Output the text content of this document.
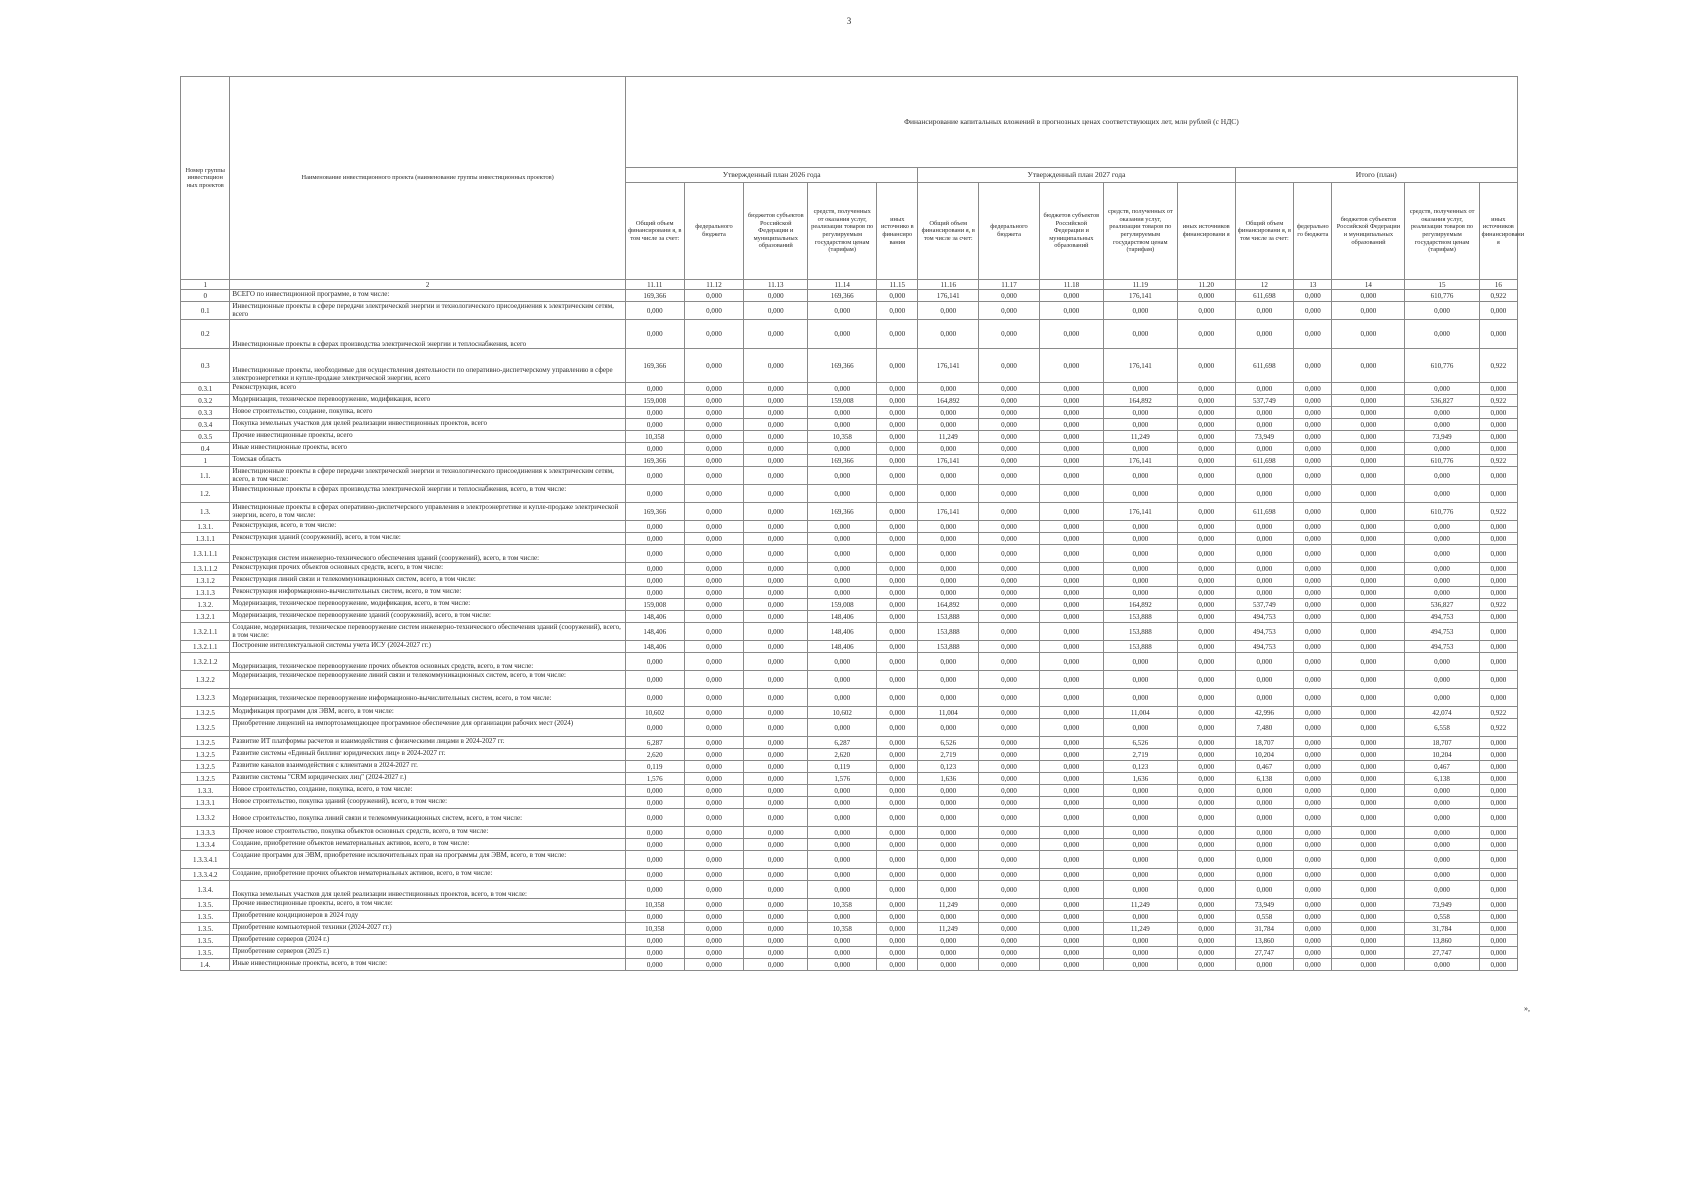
3
Номер группы инвестицион ных проектов	Наименование инвестиционного проекта (наименование группы инвестиционных проектов)	Финансирование капитальных вложений в прогнозных ценах соответствующих лет, млн рублей (с НДС)														
		Утвержденный план 2026 года					Утвержденный план 2027 года					Итого (план)				
		Общий объем финансировани я, в том числе за счет:	федерального бюджета	бюджетов субъектов Российской Федерации и муниципальных образований	средств, полученных от оказания услуг, реализации товаров по регулируемым государством ценам (тарифам)	иных источнико в финансиро вания	Общий объем финансировани я, в том числе за счет:	федерального бюджета	бюджетов субъектов Российской Федерации и муниципальных образований	средств, полученных от оказания услуг, реализации товаров по регулируемым государством ценам (тарифам)	иных источников финансировани я	Общий объем финансировани я, в том числе за счет:	федерально го бюджета	бюджетов субъектов Российской Федерации и муниципальных образований	средств, полученных от оказания услуг, реализации товаров по регулируемым государством ценам (тарифам)	иных источников финансировани я
1	2	11.11	11.12	11.13	11.14	11.15	11.16	11.17	11.18	11.19	11.20	12	13	14	15	16
0	ВСЕГО по инвестиционной программе, в том числе:	169,366	0,000	0,000	169,366	0,000	176,141	0,000	0,000	176,141	0,000	611,698	0,000	0,000	610,776	0,922
0.1	Инвестиционные проекты в сфере передачи электрической энергии и технологического присоединения к электрическим сетям, всего	0,000	0,000	0,000	0,000	0,000	0,000	0,000	0,000	0,000	0,000	0,000	0,000	0,000	0,000	0,000
0.2	Инвестиционные проекты в сферах производства электрической энергии и теплоснабжения, всего	0,000	0,000	0,000	0,000	0,000	0,000	0,000	0,000	0,000	0,000	0,000	0,000	0,000	0,000	0,000
0.3	Инвестиционные проекты, необходимые для осуществления деятельности по оперативно-диспетчерскому управлению в сфере электроэнергетики и купле-продаже электрической энергии, всего	169,366	0,000	0,000	169,366	0,000	176,141	0,000	0,000	176,141	0,000	611,698	0,000	0,000	610,776	0,922
0.3.1	Реконструкция, всего	0,000	0,000	0,000	0,000	0,000	0,000	0,000	0,000	0,000	0,000	0,000	0,000	0,000	0,000	0,000
0.3.2	Модернизация, техническое перевооружение, модификация, всего	159,008	0,000	0,000	159,008	0,000	164,892	0,000	0,000	164,892	0,000	537,749	0,000	0,000	536,827	0,922
0.3.3	Новое строительство, создание, покупка, всего	0,000	0,000	0,000	0,000	0,000	0,000	0,000	0,000	0,000	0,000	0,000	0,000	0,000	0,000	0,000
0.3.4	Покупка земельных участков для целей реализации инвестиционных проектов, всего	0,000	0,000	0,000	0,000	0,000	0,000	0,000	0,000	0,000	0,000	0,000	0,000	0,000	0,000	0,000
0.3.5	Прочие инвестиционные проекты, всего	10,358	0,000	0,000	10,358	0,000	11,249	0,000	0,000	11,249	0,000	73,949	0,000	0,000	73,949	0,000
0.4	Иные инвестиционные проекты, всего	0,000	0,000	0,000	0,000	0,000	0,000	0,000	0,000	0,000	0,000	0,000	0,000	0,000	0,000	0,000
1	Томская область	169,366	0,000	0,000	169,366	0,000	176,141	0,000	0,000	176,141	0,000	611,698	0,000	0,000	610,776	0,922
1.1.	Инвестиционные проекты в сфере передачи электрической энергии и технологического присоединения к электрическим сетям, всего, в том числе:	0,000	0,000	0,000	0,000	0,000	0,000	0,000	0,000	0,000	0,000	0,000	0,000	0,000	0,000	0,000
1.2.	Инвестиционные проекты в сферах производства электрической энергии и теплоснабжения, всего, в том числе:	0,000	0,000	0,000	0,000	0,000	0,000	0,000	0,000	0,000	0,000	0,000	0,000	0,000	0,000	0,000
1.3.	Инвестиционные проекты в сферах оперативно-диспетчерского управления в электроэнергетике и купле-продаже электрической энергии, всего, в том числе:	169,366	0,000	0,000	169,366	0,000	176,141	0,000	0,000	176,141	0,000	611,698	0,000	0,000	610,776	0,922
1.3.1.	Реконструкция, всего, в том числе:	0,000	0,000	0,000	0,000	0,000	0,000	0,000	0,000	0,000	0,000	0,000	0,000	0,000	0,000	0,000
1.3.1.1	Реконструкция зданий (сооружений), всего, в том числе:	0,000	0,000	0,000	0,000	0,000	0,000	0,000	0,000	0,000	0,000	0,000	0,000	0,000	0,000	0,000
1.3.1.1.1	Реконструкция систем инженерно-технического обеспечения зданий (сооружений), всего, в том числе:	0,000	0,000	0,000	0,000	0,000	0,000	0,000	0,000	0,000	0,000	0,000	0,000	0,000	0,000	0,000
1.3.1.1.2	Реконструкция прочих объектов основных средств, всего, в том числе:	0,000	0,000	0,000	0,000	0,000	0,000	0,000	0,000	0,000	0,000	0,000	0,000	0,000	0,000	0,000
1.3.1.2	Реконструкция линий связи и телекоммуникационных систем, всего, в том числе:	0,000	0,000	0,000	0,000	0,000	0,000	0,000	0,000	0,000	0,000	0,000	0,000	0,000	0,000	0,000
1.3.1.3	Реконструкция информационно-вычислительных систем, всего, в том числе:	0,000	0,000	0,000	0,000	0,000	0,000	0,000	0,000	0,000	0,000	0,000	0,000	0,000	0,000	0,000
1.3.2.	Модернизация, техническое перевооружение, модификация, всего, в том числе:	159,008	0,000	0,000	159,008	0,000	164,892	0,000	0,000	164,892	0,000	537,749	0,000	0,000	536,827	0,922
1.3.2.1	Модернизация, техническое перевооружение зданий (сооружений), всего, в том числе:	148,406	0,000	0,000	148,406	0,000	153,888	0,000	0,000	153,888	0,000	494,753	0,000	0,000	494,753	0,000
1.3.2.1.1	Создание, модернизация, техническое перевооружение систем инженерно-технического обеспечения зданий (сооружений), всего, в том числе:	148,406	0,000	0,000	148,406	0,000	153,888	0,000	0,000	153,888	0,000	494,753	0,000	0,000	494,753	0,000
1.3.2.1.1	Построение интеллектуальной системы учета ИСУ (2024-2027 гг.)	148,406	0,000	0,000	148,406	0,000	153,888	0,000	0,000	153,888	0,000	494,753	0,000	0,000	494,753	0,000
1.3.2.1.2	Модернизация, техническое перевооружение прочих объектов основных средств, всего, в том числе:	0,000	0,000	0,000	0,000	0,000	0,000	0,000	0,000	0,000	0,000	0,000	0,000	0,000	0,000	0,000
1.3.2.2	Модернизация, техническое перевооружение линий связи и телекоммуникационных систем, всего, в том числе:	0,000	0,000	0,000	0,000	0,000	0,000	0,000	0,000	0,000	0,000	0,000	0,000	0,000	0,000	0,000
1.3.2.3	Модернизация, техническое перевооружение информационно-вычислительных систем, всего, в том числе:	0,000	0,000	0,000	0,000	0,000	0,000	0,000	0,000	0,000	0,000	0,000	0,000	0,000	0,000	0,000
1.3.2.5	Модификация программ для ЭВМ, всего, в том числе:	10,602	0,000	0,000	10,602	0,000	11,004	0,000	0,000	11,004	0,000	42,996	0,000	0,000	42,074	0,922
1.3.2.5	Приобретение лицензий на импортозамещающее программное обеспечение для организации рабочих мест (2024)	0,000	0,000	0,000	0,000	0,000	0,000	0,000	0,000	0,000	0,000	7,480	0,000	0,000	6,558	0,922
1.3.2.5	Развитие ИТ платформы расчетов и взаимодействия с физическими лицами в 2024-2027 гг.	6,287	0,000	0,000	6,287	0,000	6,526	0,000	0,000	6,526	0,000	18,707	0,000	0,000	18,707	0,000
1.3.2.5	Развитие системы «Единый биллинг юридических лиц» в 2024-2027 гг.	2,620	0,000	0,000	2,620	0,000	2,719	0,000	0,000	2,719	0,000	10,204	0,000	0,000	10,204	0,000
1.3.2.5	Развитие каналов взаимодействия с клиентами в 2024-2027 гг.	0,119	0,000	0,000	0,119	0,000	0,123	0,000	0,000	0,123	0,000	0,467	0,000	0,000	0,467	0,000
1.3.2.5	Развитие системы "CRM юридических лиц" (2024-2027 г.)	1,576	0,000	0,000	1,576	0,000	1,636	0,000	0,000	1,636	0,000	6,138	0,000	0,000	6,138	0,000
1.3.3.	Новое строительство, создание, покупка, всего, в том числе:	0,000	0,000	0,000	0,000	0,000	0,000	0,000	0,000	0,000	0,000	0,000	0,000	0,000	0,000	0,000
1.3.3.1	Новое строительство, покупка зданий (сооружений), всего, в том числе:	0,000	0,000	0,000	0,000	0,000	0,000	0,000	0,000	0,000	0,000	0,000	0,000	0,000	0,000	0,000
1.3.3.2	Новое строительство, покупка линий связи и телекоммуникационных систем, всего, в том числе:	0,000	0,000	0,000	0,000	0,000	0,000	0,000	0,000	0,000	0,000	0,000	0,000	0,000	0,000	0,000
1.3.3.3	Прочее новое строительство, покупка объектов основных средств, всего, в том числе:	0,000	0,000	0,000	0,000	0,000	0,000	0,000	0,000	0,000	0,000	0,000	0,000	0,000	0,000	0,000
1.3.3.4	Создание, приобретение объектов нематериальных активов, всего, в том числе:	0,000	0,000	0,000	0,000	0,000	0,000	0,000	0,000	0,000	0,000	0,000	0,000	0,000	0,000	0,000
1.3.3.4.1	Создание программ для ЭВМ, приобретение исключительных прав на программы для ЭВМ, всего, в том числе:	0,000	0,000	0,000	0,000	0,000	0,000	0,000	0,000	0,000	0,000	0,000	0,000	0,000	0,000	0,000
1.3.3.4.2	Создание, приобретение прочих объектов нематериальных активов, всего, в том числе:	0,000	0,000	0,000	0,000	0,000	0,000	0,000	0,000	0,000	0,000	0,000	0,000	0,000	0,000	0,000
1.3.4.	Покупка земельных участков для целей реализации инвестиционных проектов, всего, в том числе:	0,000	0,000	0,000	0,000	0,000	0,000	0,000	0,000	0,000	0,000	0,000	0,000	0,000	0,000	0,000
1.3.5.	Прочие инвестиционные проекты, всего, в том числе:	10,358	0,000	0,000	10,358	0,000	11,249	0,000	0,000	11,249	0,000	73,949	0,000	0,000	73,949	0,000
1.3.5.	Приобретение кондиционеров в 2024 году	0,000	0,000	0,000	0,000	0,000	0,000	0,000	0,000	0,000	0,000	0,558	0,000	0,000	0,558	0,000
1.3.5.	Приобретение компьютерной техники (2024-2027 гг.)	10,358	0,000	0,000	10,358	0,000	11,249	0,000	0,000	11,249	0,000	31,784	0,000	0,000	31,784	0,000
1.3.5.	Приобретение серверов (2024 г.)	0,000	0,000	0,000	0,000	0,000	0,000	0,000	0,000	0,000	0,000	13,860	0,000	0,000	13,860	0,000
1.3.5.	Приобретение серверов (2025 г.)	0,000	0,000	0,000	0,000	0,000	0,000	0,000	0,000	0,000	0,000	27,747	0,000	0,000	27,747	0,000
1.4.	Иные инвестиционные проекты, всего, в том числе:	0,000	0,000	0,000	0,000	0,000	0,000	0,000	0,000	0,000	0,000	0,000	0,000	0,000	0,000	0,000
»,
